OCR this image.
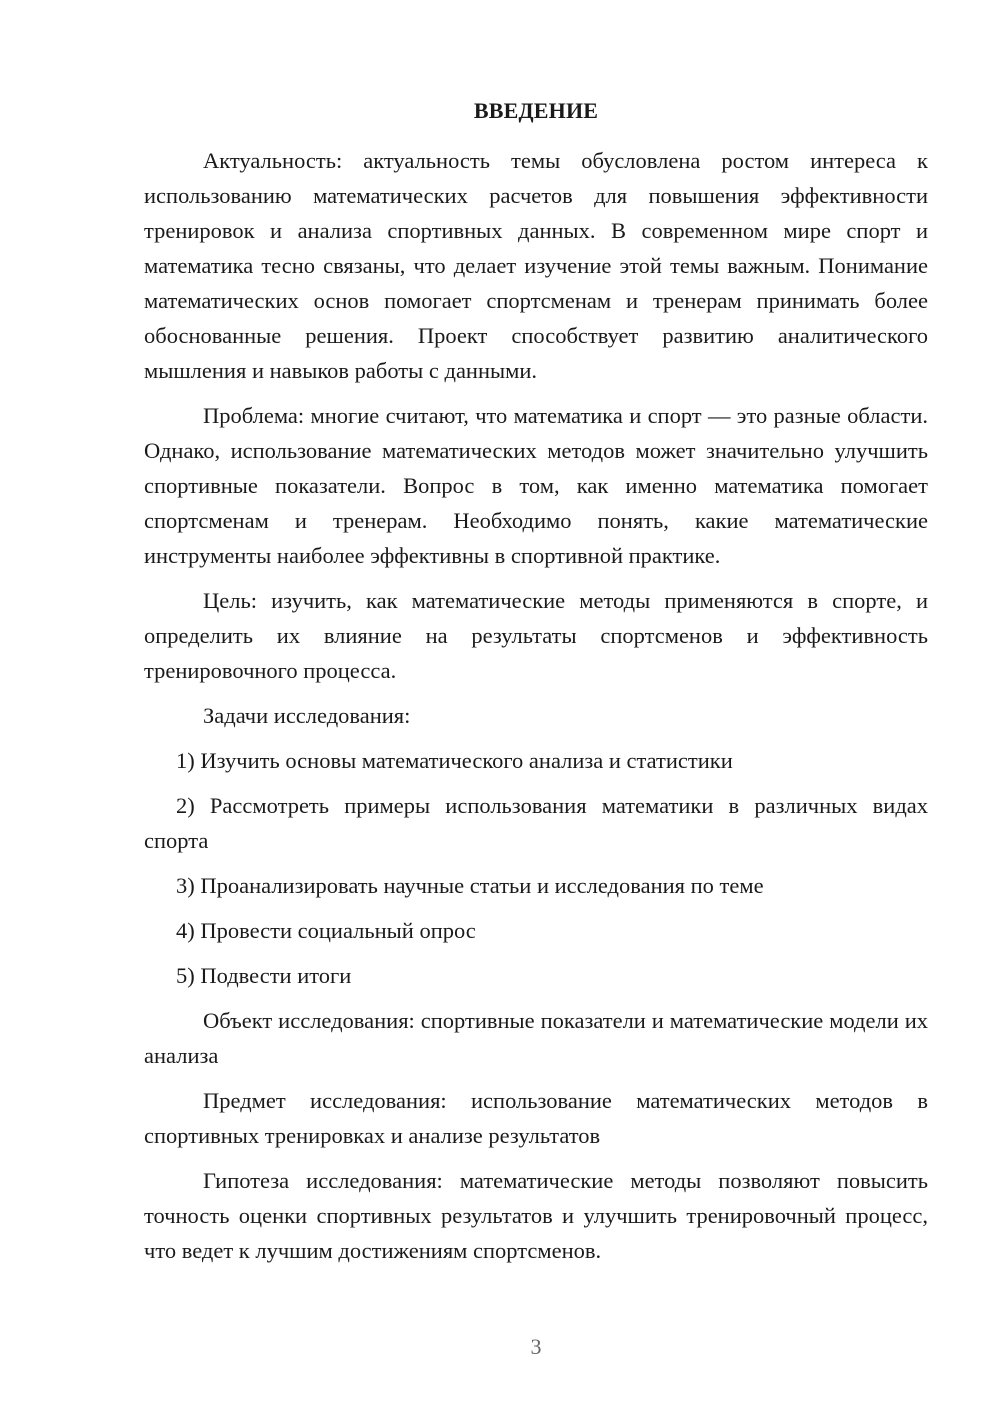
ВВЕДЕНИЕ

Актуальность: актуальность темы обусловлена ростом интереса к использованию математических расчетов для повышения эффективности тренировок и анализа спортивных данных. В современном мире спорт и математика тесно связаны, что делает изучение этой темы важным. Понимание математических основ помогает спортсменам и тренерам принимать более обоснованные решения. Проект способствует развитию аналитического мышления и навыков работы с данными.

Проблема: многие считают, что математика и спорт — это разные области. Однако, использование математических методов может значительно улучшить спортивные показатели. Вопрос в том, как именно математика помогает спортсменам и тренерам. Необходимо понять, какие математические инструменты наиболее эффективны в спортивной практике.

Цель: изучить, как математические методы применяются в спорте, и определить их влияние на результаты спортсменов и эффективность тренировочного процесса.

Задачи исследования:

1) Изучить основы математического анализа и статистики

2) Рассмотреть примеры использования математики в различных видах спорта

3) Проанализировать научные статьи и исследования по теме

4) Провести социальный опрос

5) Подвести итоги

Объект исследования: спортивные показатели и математические модели их анализа

Предмет исследования: использование математических методов в спортивных тренировках и анализе результатов

Гипотеза исследования: математические методы позволяют повысить точность оценки спортивных результатов и улучшить тренировочный процесс, что ведет к лучшим достижениям спортсменов.

3
